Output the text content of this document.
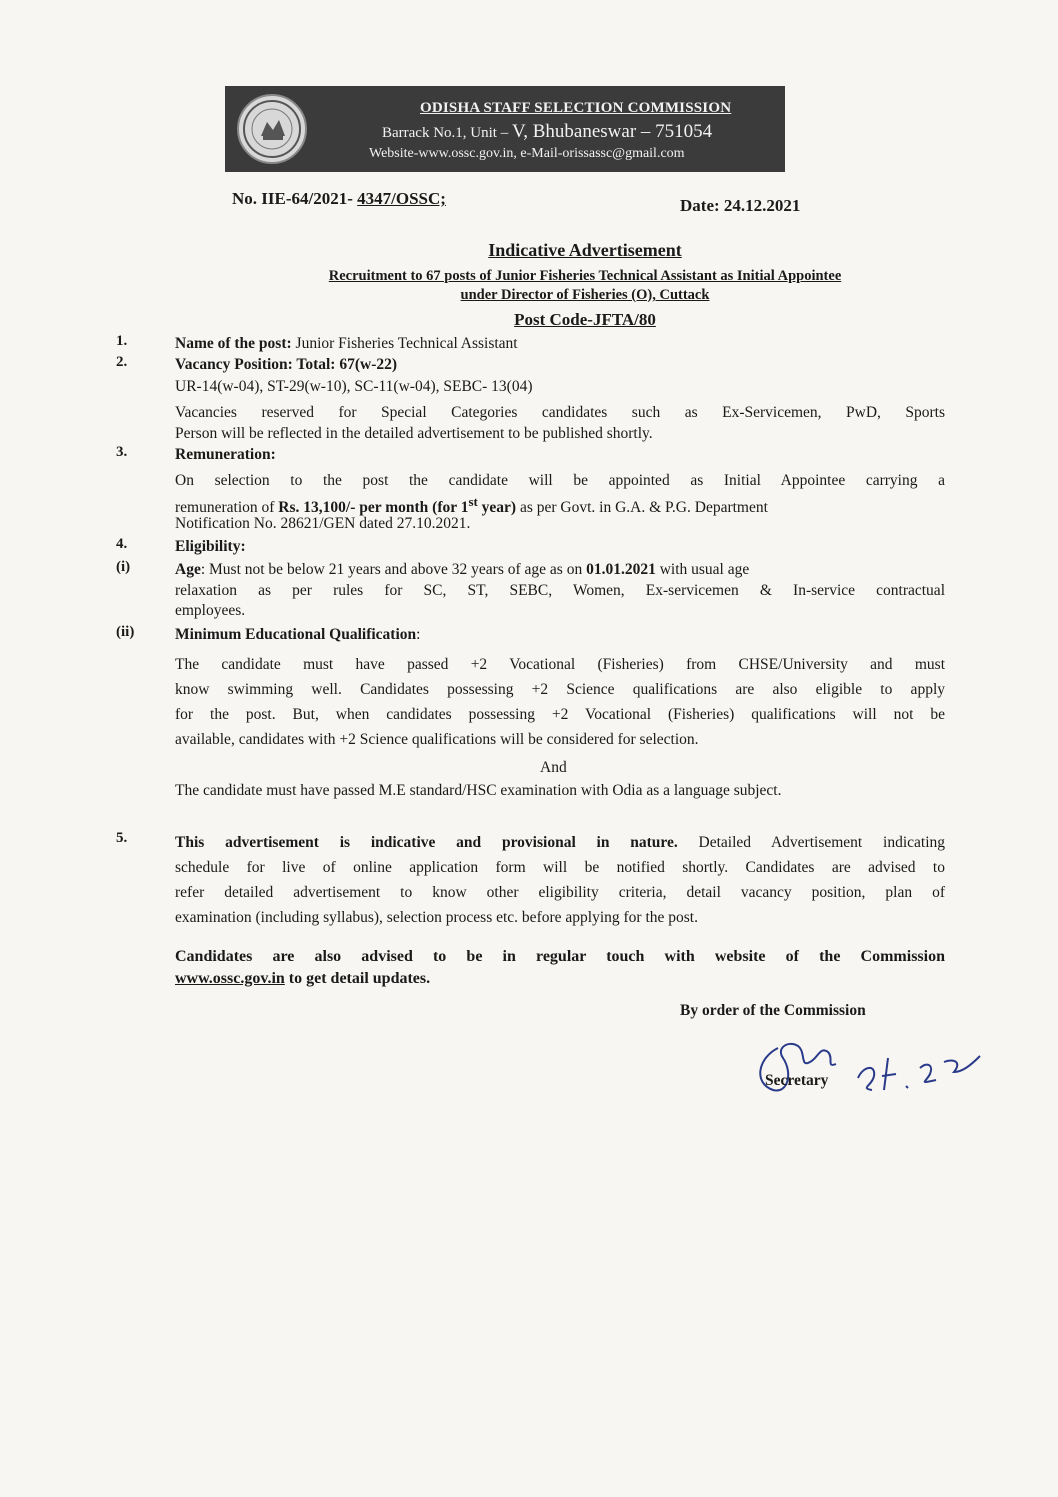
ODISHA STAFF SELECTION COMMISSION
Barrack No.1, Unit – V, Bhubaneswar – 751054
Website-www.ossc.gov.in, e-Mail-orissassc@gmail.com
No. IIE-64/2021- 4347/OSSC;	Date: 24.12.2021
Indicative Advertisement
Recruitment to 67 posts of Junior Fisheries Technical Assistant as Initial Appointee
under Director of Fisheries (O), Cuttack
Post Code-JFTA/80
1.	Name of the post: Junior Fisheries Technical Assistant
2.	Vacancy Position: Total: 67(w-22)
UR-14(w-04), ST-29(w-10), SC-11(w-04), SEBC- 13(04)
Vacancies reserved for Special Categories candidates such as Ex-Servicemen, PwD, Sports
Person will be reflected in the detailed advertisement to be published shortly.
3.	Remuneration:
On selection to the post the candidate will be appointed as Initial Appointee carrying a
remuneration of Rs. 13,100/- per month (for 1st year) as per Govt. in G.A. & P.G. Department
Notification No. 28621/GEN dated 27.10.2021.
4.	Eligibility:
(i)	Age: Must not be below 21 years and above 32 years of age as on 01.01.2021 with usual age
relaxation as per rules for SC, ST, SEBC, Women, Ex-servicemen & In-service contractual
employees.
(ii)	Minimum Educational Qualification:
The candidate must have passed +2 Vocational (Fisheries) from CHSE/University and must
know swimming well. Candidates possessing +2 Science qualifications are also eligible to apply
for the post. But, when candidates possessing +2 Vocational (Fisheries) qualifications will not be
available, candidates with +2 Science qualifications will be considered for selection.
And
The candidate must have passed M.E standard/HSC examination with Odia as a language subject.
5.	This advertisement is indicative and provisional in nature. Detailed Advertisement indicating
schedule for live of online application form will be notified shortly. Candidates are advised to
refer detailed advertisement to know other eligibility criteria, detail vacancy position, plan of
examination (including syllabus), selection process etc. before applying for the post.
Candidates are also advised to be in regular touch with website of the Commission
www.ossc.gov.in to get detail updates.
By order of the Commission
Secretary
